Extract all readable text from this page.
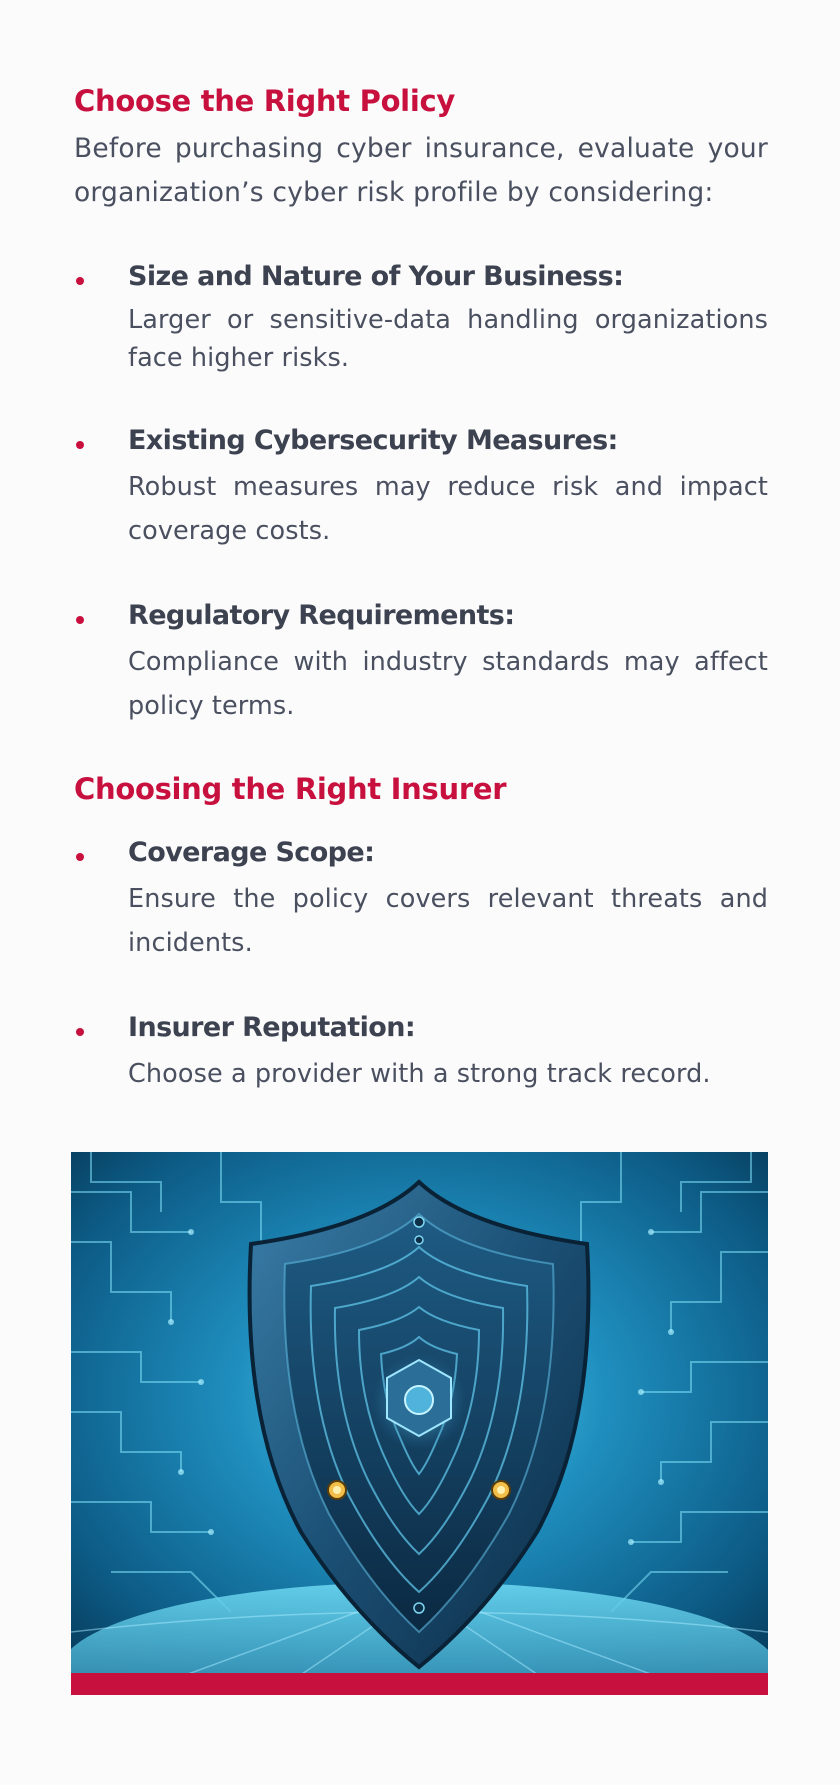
Choose the Right Policy

Before purchasing cyber insurance, evaluate your organization’s cyber risk profile by considering:

Size and Nature of Your Business:

Larger or sensitive-data handling organizations face higher risks.

Existing Cybersecurity Measures:

Robust measures may reduce risk and impact coverage costs.

Regulatory Requirements:

Compliance with industry standards may affect policy terms.

Choosing the Right Insurer
Coverage Scope:

Ensure the policy covers relevant threats and incidents.

Insurer Reputation:

Choose a provider with a strong track record.
